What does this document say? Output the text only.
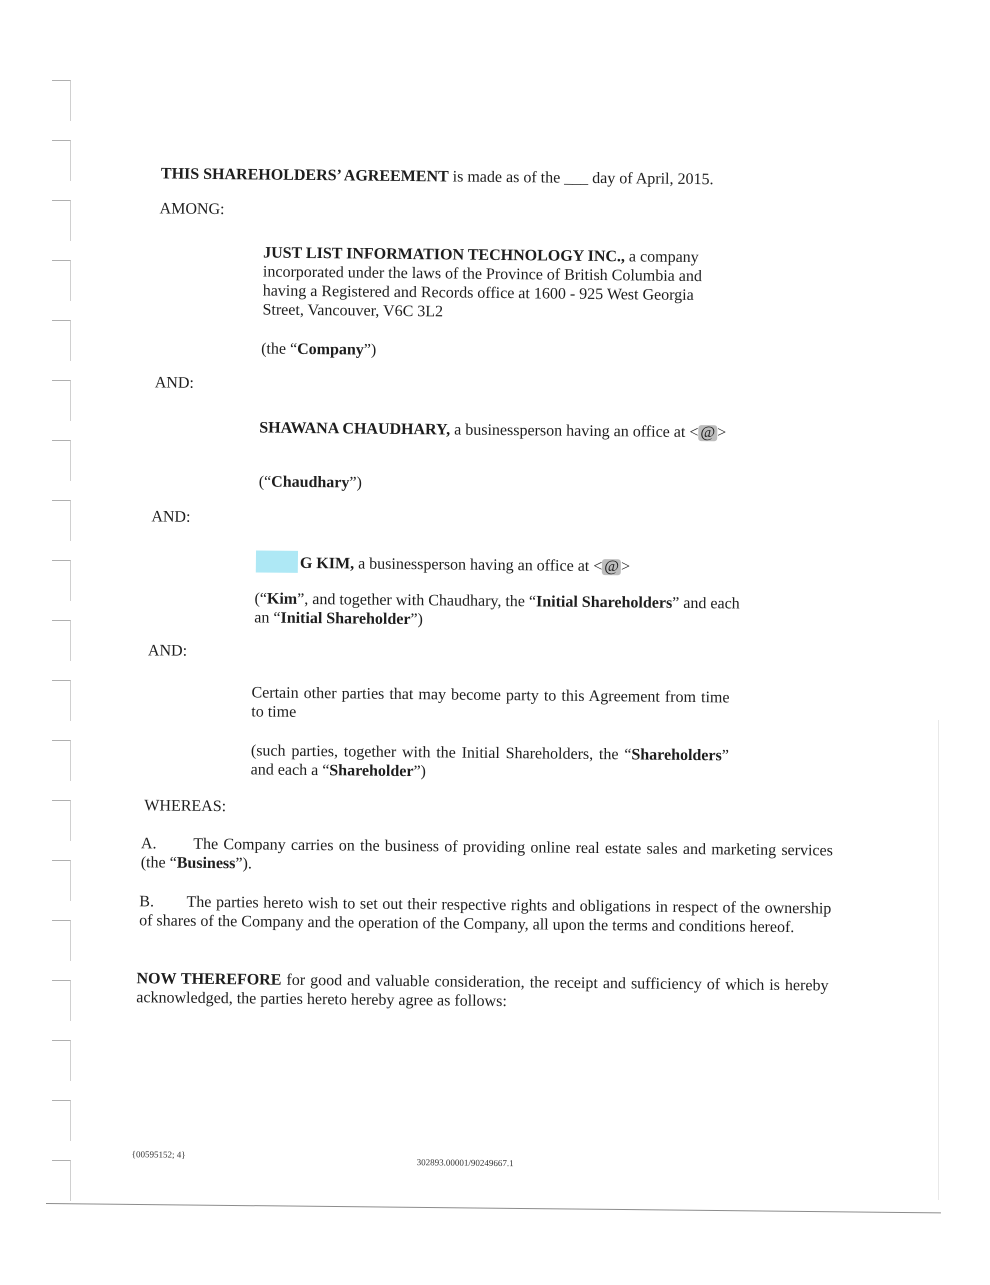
THIS SHAREHOLDERS’ AGREEMENT is made as of the ___ day of April, 2015.
AMONG:
JUST LIST INFORMATION TECHNOLOGY INC., a company incorporated under the laws of the Province of British Columbia and having a Registered and Records office at 1600 - 925 West Georgia Street, Vancouver, V6C 3L2
(the “Company”)
AND:
SHAWANA CHAUDHARY, a businessperson having an office at < @ >
(“Chaudhary”)
AND:
G KIM, a businessperson having an office at < @ >
(“Kim”, and together with Chaudhary, the “Initial Shareholders” and each an “Initial Shareholder”)
AND:
Certain other parties that may become party to this Agreement from time to time
(such parties, together with the Initial Shareholders, the “Shareholders” and each a “Shareholder”)
WHEREAS:
A. The Company carries on the business of providing online real estate sales and marketing services (the “Business”).
B. The parties hereto wish to set out their respective rights and obligations in respect of the ownership of shares of the Company and the operation of the Company, all upon the terms and conditions hereof.
NOW THEREFORE for good and valuable consideration, the receipt and sufficiency of which is hereby acknowledged, the parties hereto hereby agree as follows:
{00595152; 4}
302893.00001/90249667.1
